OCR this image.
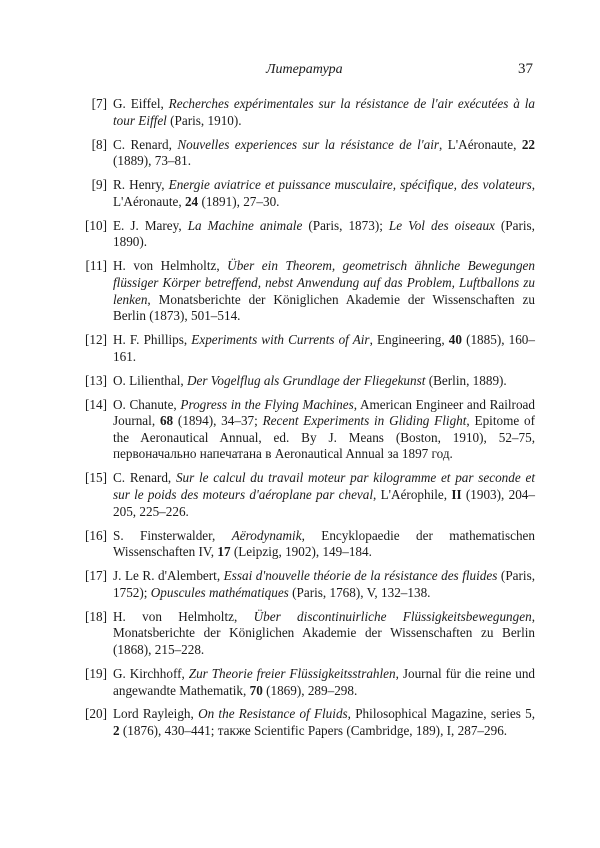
Литература	37
[7] G. Eiffel, Recherches expérimentales sur la résistance de l'air exécutées à la tour Eiffel (Paris, 1910).
[8] C. Renard, Nouvelles experiences sur la résistance de l'air, L'Aéronaute, 22 (1889), 73–81.
[9] R. Henry, Energie aviatrice et puissance musculaire, spécifique, des volateurs, L'Aéronaute, 24 (1891), 27–30.
[10] E. J. Marey, La Machine animale (Paris, 1873); Le Vol des oiseaux (Paris, 1890).
[11] H. von Helmholtz, Über ein Theorem, geometrisch ähnliche Bewegungen flüssiger Körper betreffend, nebst Anwendung auf das Problem, Luftballons zu lenken, Monatsberichte der Königlichen Akademie der Wissenschaften zu Berlin (1873), 501–514.
[12] H. F. Phillips, Experiments with Currents of Air, Engineering, 40 (1885), 160–161.
[13] O. Lilienthal, Der Vogelflug als Grundlage der Fliegekunst (Berlin, 1889).
[14] O. Chanute, Progress in the Flying Machines, American Engineer and Railroad Journal, 68 (1894), 34–37; Recent Experiments in Gliding Flight, Epitome of the Aeronautical Annual, ed. By J. Means (Boston, 1910), 52–75, первоначально напечатана в Aeronautical Annual за 1897 год.
[15] C. Renard, Sur le calcul du travail moteur par kilogramme et par seconde et sur le poids des moteurs d'aéroplane par cheval, L'Aérophile, II (1903), 204–205, 225–226.
[16] S. Finsterwalder, Aërodynamik, Encyklopaedie der mathematischen Wissenschaften IV, 17 (Leipzig, 1902), 149–184.
[17] J. Le R. d'Alembert, Essai d'nouvelle théorie de la résistance des fluides (Paris, 1752); Opuscules mathématiques (Paris, 1768), V, 132–138.
[18] H. von Helmholtz, Über discontinuirliche Flüssigkeitsbewegungen, Monatsberichte der Königlichen Akademie der Wissenschaften zu Berlin (1868), 215–228.
[19] G. Kirchhoff, Zur Theorie freier Flüssigkeitsstrahlen, Journal für die reine und angewandte Mathematik, 70 (1869), 289–298.
[20] Lord Rayleigh, On the Resistance of Fluids, Philosophical Magazine, series 5, 2 (1876), 430–441; также Scientific Papers (Cambridge, 189), I, 287–296.
